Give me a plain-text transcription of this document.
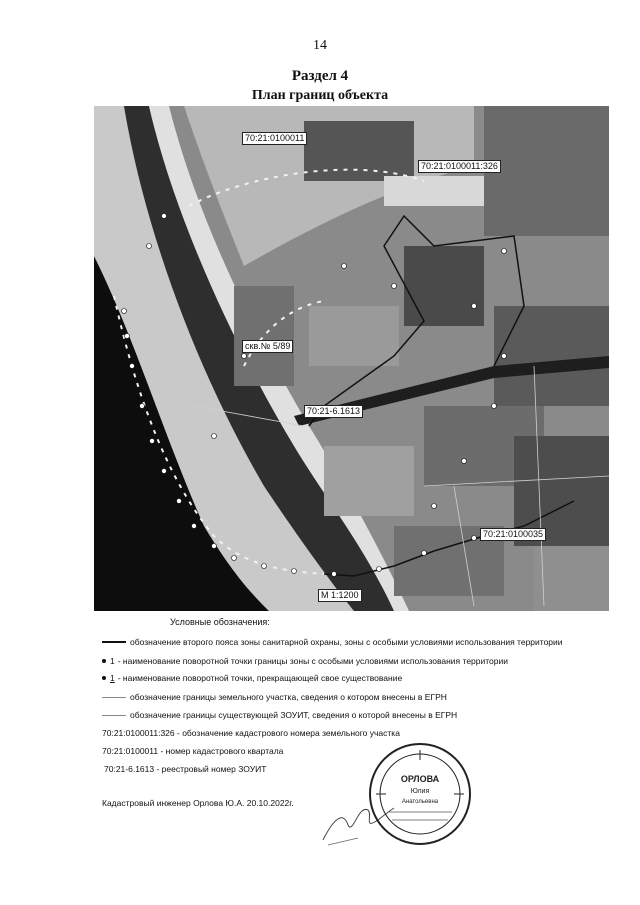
14
Раздел 4
План границ объекта
70:21:0100011
70:21:0100011:326
скв.№ 5/89
70:21-6.1613
70:21:0100035
М 1:1200
Условные обозначения:
обозначение второго пояса зоны санитарной охраны, зоны с особыми условиями использования территории
1 - наименование поворотной точки границы зоны с особыми условиями использования территории
1 - наименование поворотной точки, прекращающей свое существование
обозначение границы земельного участка, сведения о котором внесены в ЕГРН
обозначение границы существующей ЗОУИТ, сведения о которой внесены в ЕГРН
70:21:0100011:326 - обозначение кадастрового номера земельного участка
70:21:0100011 - номер кадастрового квартала
70:21-6.1613 - реестровый номер ЗОУИТ
Кадастровый инженер Орлова Ю.А. 20.10.2022г.
ОРЛОВА
Юлия
Анатольевна
